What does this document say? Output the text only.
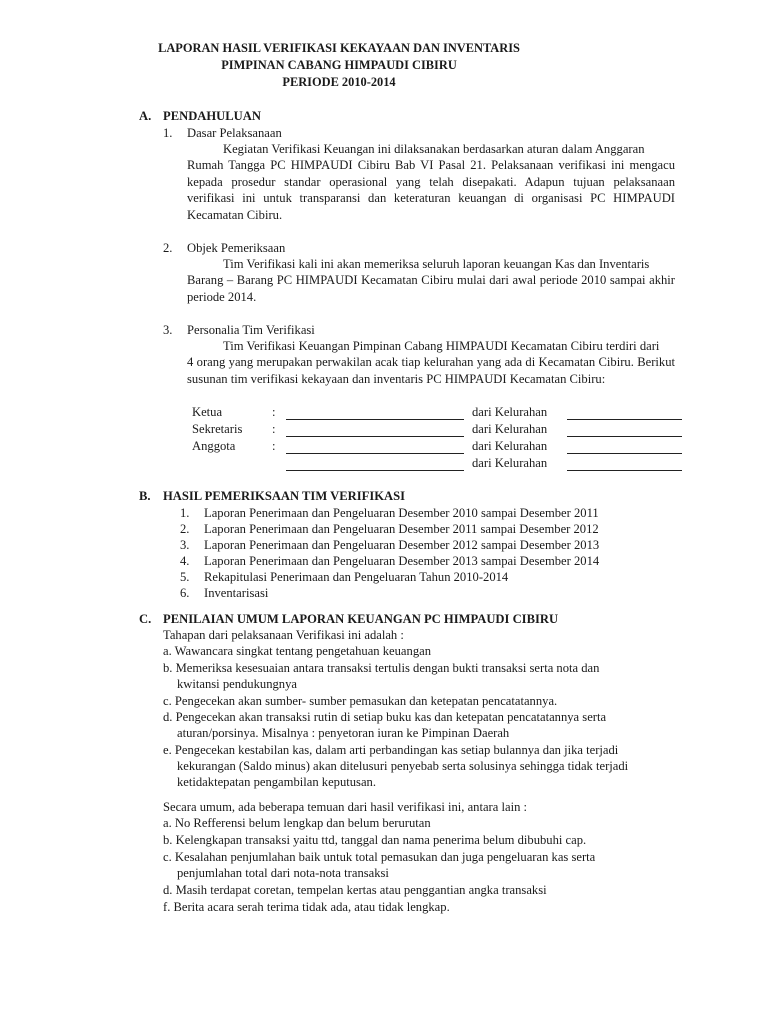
LAPORAN HASIL VERIFIKASI KEKAYAAN DAN INVENTARIS
PIMPINAN CABANG HIMPAUDI CIBIRU
PERIODE 2010-2014
A. PENDAHULUAN
1. Dasar Pelaksanaan
Kegiatan Verifikasi Keuangan ini dilaksanakan berdasarkan aturan dalam Anggaran
Rumah Tangga PC HIMPAUDI Cibiru Bab VI Pasal 21. Pelaksanaan verifikasi ini mengacu kepada prosedur standar operasional yang telah disepakati. Adapun tujuan pelaksanaan verifikasi ini untuk transparansi dan keteraturan keuangan di organisasi PC HIMPAUDI Kecamatan Cibiru.
2. Objek Pemeriksaan
Tim Verifikasi kali ini akan memeriksa seluruh laporan keuangan Kas dan Inventaris
Barang – Barang PC HIMPAUDI Kecamatan Cibiru mulai dari awal periode 2010 sampai akhir periode 2014.
3. Personalia Tim Verifikasi
Tim Verifikasi Keuangan Pimpinan Cabang HIMPAUDI Kecamatan Cibiru terdiri dari
4 orang yang merupakan perwakilan acak tiap kelurahan yang ada di Kecamatan Cibiru. Berikut susunan tim verifikasi kekayaan dan inventaris PC HIMPAUDI Kecamatan Cibiru:
Ketua	:	dari Kelurahan
Sekretaris :	dari Kelurahan
Anggota	:	dari Kelurahan
dari Kelurahan
B. HASIL PEMERIKSAAN TIM VERIFIKASI
1. Laporan Penerimaan dan Pengeluaran Desember 2010 sampai Desember 2011
2. Laporan Penerimaan dan Pengeluaran Desember 2011 sampai Desember 2012
3. Laporan Penerimaan dan Pengeluaran Desember 2012 sampai Desember 2013
4. Laporan Penerimaan dan Pengeluaran Desember 2013 sampai Desember 2014
5. Rekapitulasi Penerimaan dan Pengeluaran Tahun 2010-2014
6. Inventarisasi
C. PENILAIAN UMUM LAPORAN KEUANGAN PC HIMPAUDI CIBIRU
Tahapan dari pelaksanaan Verifikasi ini adalah :
a. Wawancara singkat tentang pengetahuan keuangan
b. Memeriksa kesesuaian antara transaksi tertulis dengan bukti transaksi serta nota dan
kwitansi pendukungnya
c. Pengecekan akan sumber- sumber pemasukan dan ketepatan pencatatannya.
d. Pengecekan akan transaksi rutin di setiap buku kas dan ketepatan pencatatannya serta
aturan/porsinya. Misalnya : penyetoran iuran ke Pimpinan Daerah
e. Pengecekan kestabilan kas, dalam arti perbandingan kas setiap bulannya dan jika terjadi
kekurangan (Saldo minus) akan ditelusuri penyebab serta solusinya sehingga tidak terjadi
ketidaktepatan pengambilan keputusan.
Secara umum, ada beberapa temuan dari hasil verifikasi ini, antara lain :
a. No Refferensi belum lengkap dan belum berurutan
b. Kelengkapan transaksi yaitu ttd, tanggal dan nama penerima belum dibubuhi cap.
c. Kesalahan penjumlahan baik untuk total pemasukan dan juga pengeluaran kas serta
penjumlahan total dari nota-nota transaksi
d. Masih terdapat coretan, tempelan kertas atau penggantian angka transaksi
f. Berita acara serah terima tidak ada, atau tidak lengkap.
